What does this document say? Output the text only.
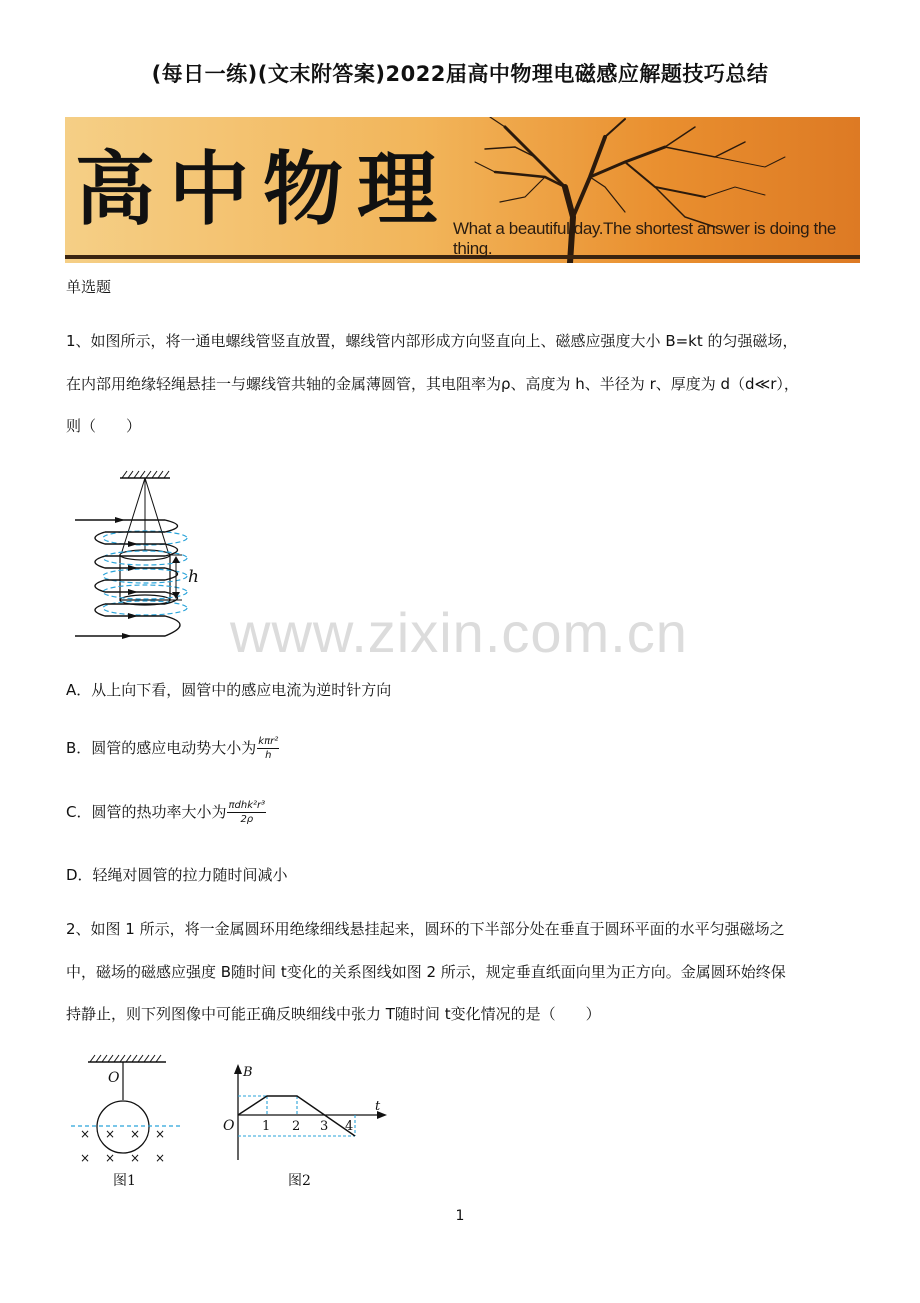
(每日一练)(文末附答案)2022届高中物理电磁感应解题技巧总结
高中物理 What a beautiful day.The shortest answer is doing the thing.
单选题
1、如图所示，将一通电螺线管竖直放置，螺线管内部形成方向竖直向上、磁感应强度大小 B=kt 的匀强磁场，
在内部用绝缘轻绳悬挂一与螺线管共轴的金属薄圆管，其电阻率为ρ、高度为 h、半径为 r、厚度为 d（d≪r），
则（　　）
h
www.zixin.com.cn
A．从上向下看，圆管中的感应电流为逆时针方向
B．圆管的感应电动势大小为 $\frac{\text{kπr²}}{h}$
C．圆管的热功率大小为 $\frac{\text{πdhk²r³}}{2\rho}$
D．轻绳对圆管的拉力随时间减小
2、如图 1 所示，将一金属圆环用绝缘细线悬挂起来，圆环的下半部分处在垂直于圆环平面的水平匀强磁场之
中，磁场的磁感应强度 B随时间 t变化的关系图线如图 2 所示，规定垂直纸面向里为正方向。金属圆环始终保
持静止，则下列图像中可能正确反映细线中张力 T随时间 t变化情况的是（　　）
O
× × × ×
× × × ×
图1
B
t
O 1 2 3 4
图2
1
